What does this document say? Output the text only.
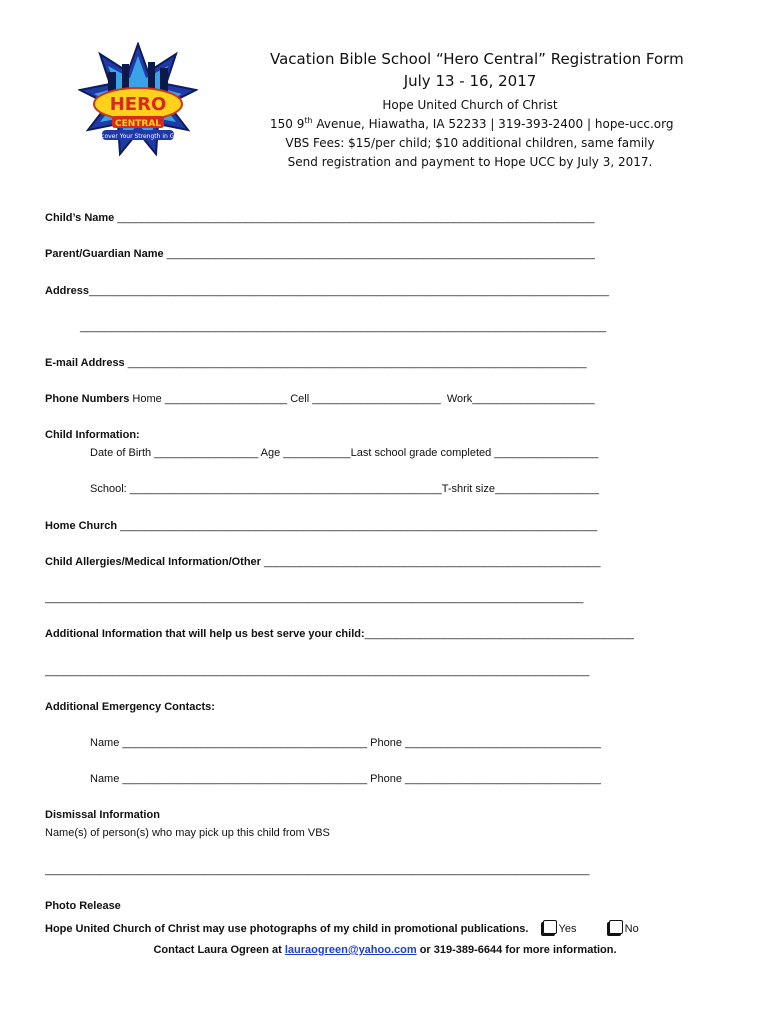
HERO
CENTRAL
Discover Your Strength in God!
Vacation Bible School “Hero Central” Registration Form
July 13 - 16, 2017
Hope United Church of Christ
150 9th Avenue, Hiawatha, IA 52233 | 319-393-2400 | hope-ucc.org
VBS Fees: $15/per child; $10 additional children, same family
Send registration and payment to Hope UCC by July 3, 2017.
Child’s Name ______________________________________________________________________________
Parent/Guardian Name ______________________________________________________________________
Address_____________________________________________________________________________________
______________________________________________________________________________________
E-mail Address ___________________________________________________________________________
Phone Numbers Home ____________________ Cell _____________________  Work____________________
Child Information:
Date of Birth _________________ Age ___________Last school grade completed _________________
School: ___________________________________________________T-shrit size_________________
Home Church ______________________________________________________________________________
Child Allergies/Medical Information/Other _______________________________________________________
________________________________________________________________________________________
Additional Information that will help us best serve your child:____________________________________________
_________________________________________________________________________________________
Additional Emergency Contacts:
Name ________________________________________ Phone ________________________________
Name ________________________________________ Phone ________________________________
Dismissal Information
Name(s) of person(s) who may pick up this child from VBS
_________________________________________________________________________________________
Photo Release
Hope United Church of Christ may use photographs of my child in promotional publications.	Yes	No
Contact Laura Ogreen at lauraogreen@yahoo.com or 319-389-6644 for more information.
